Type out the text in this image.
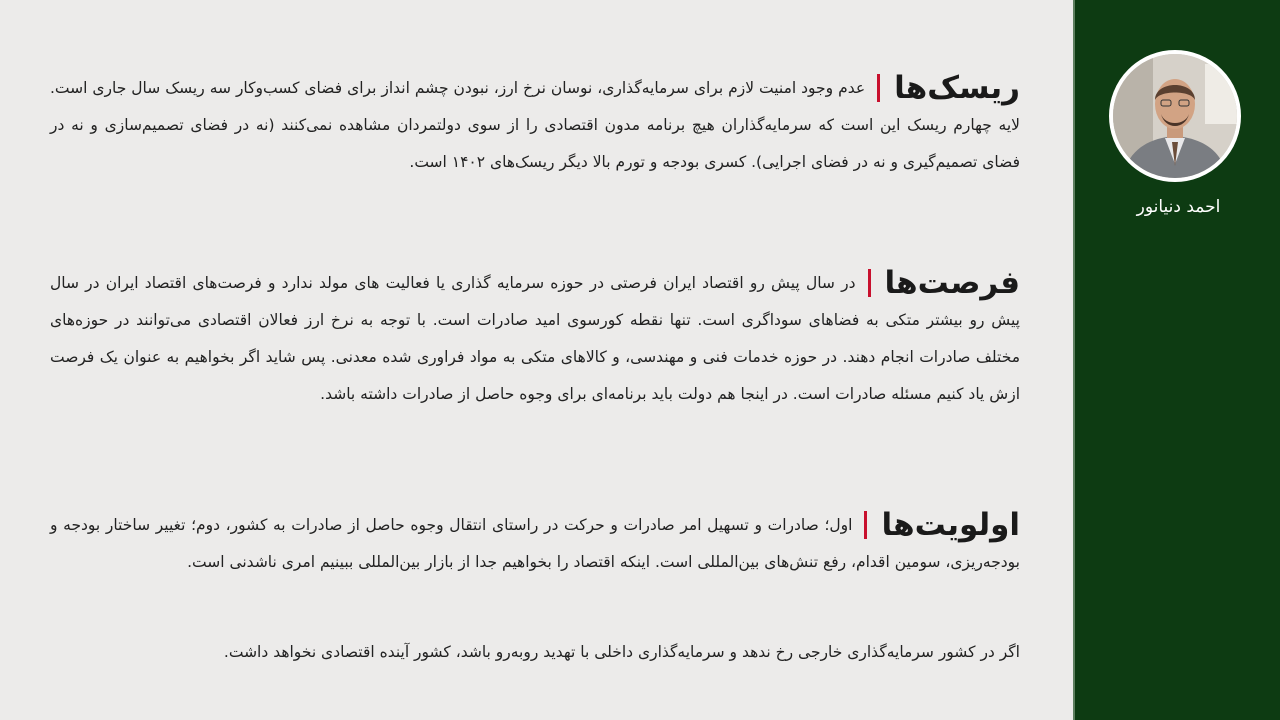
ریسک‌ها
عدم وجود امنیت لازم برای سرمایه‌گذاری، نوسان نرخ ارز، نبودن چشم انداز برای فضای کسب‌وکار سه ریسک سال جاری است. لایه چهارم ریسک این است که سرمایه‌گذاران هیچ برنامه مدون اقتصادی را از سوی دولتمردان مشاهده نمی‌کنند (نه در فضای تصمیم‌سازی و نه در فضای تصمیم‌گیری و نه در فضای اجرایی). کسری بودجه و تورم بالا دیگر ریسک‌های ۱۴۰۲ است.
فرصت‌ها
در سال پیش رو اقتصاد ایران فرصتی در حوزه سرمایه گذاری یا فعالیت های مولد ندارد و فرصت‌های اقتصاد ایران در سال پیش رو بیشتر متکی به فضاهای سوداگری است. تنها نقطه کورسوی امید صادرات است. با توجه به نرخ ارز فعالان اقتصادی می‌توانند در حوزه‌های مختلف صادرات انجام دهند. در حوزه خدمات فنی و مهندسی، و کالاهای متکی به مواد فراوری شده معدنی. پس شاید اگر بخواهیم به عنوان یک فرصت ازش یاد کنیم مسئله صادرات است. در اینجا هم دولت باید برنامه‌ای برای وجوه حاصل از صادرات داشته باشد.
اولویت‌ها
اول؛ صادرات و تسهیل امر صادرات و حرکت در راستای انتقال وجوه حاصل از صادرات به کشور، دوم؛ تغییر ساختار بودجه و بودجه‌ریزی، سومین اقدام، رفع تنش‌های بین‌المللی است. اینکه اقتصاد را بخواهیم جدا از بازار بین‌المللی ببینیم امری ناشدنی است.
اگر در کشور سرمایه‌گذاری خارجی رخ ندهد و سرمایه‌گذاری داخلی با تهدید روبه‌رو باشد، کشور آینده اقتصادی نخواهد داشت.
احمد دنیانور
